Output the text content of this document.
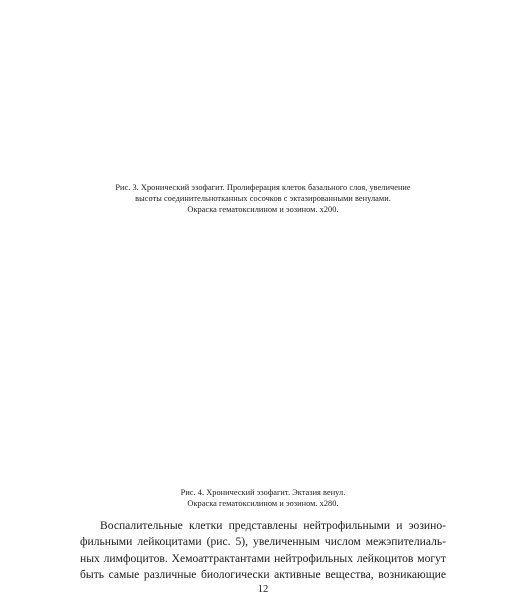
Рис. 3. Хронический эзофагит. Пролиферация клеток базального слоя, увеличение
высоты соединительнотканных сосочков с эктазированными венулами.
Окраска гематоксилином и эозином. x200.
Рис. 4. Хронический эзофагит. Эктазия венул.
Окраска гематоксилином и эозином. x280.
Воспалительные клетки представлены нейтрофильными и эозино-
фильными лейкоцитами (рис. 5), увеличенным числом межэпителиаль-
ных лимфоцитов. Хемоаттрактантами нейтрофильных лейкоцитов могут
быть самые различные биологически активные вещества, возникающие
12
